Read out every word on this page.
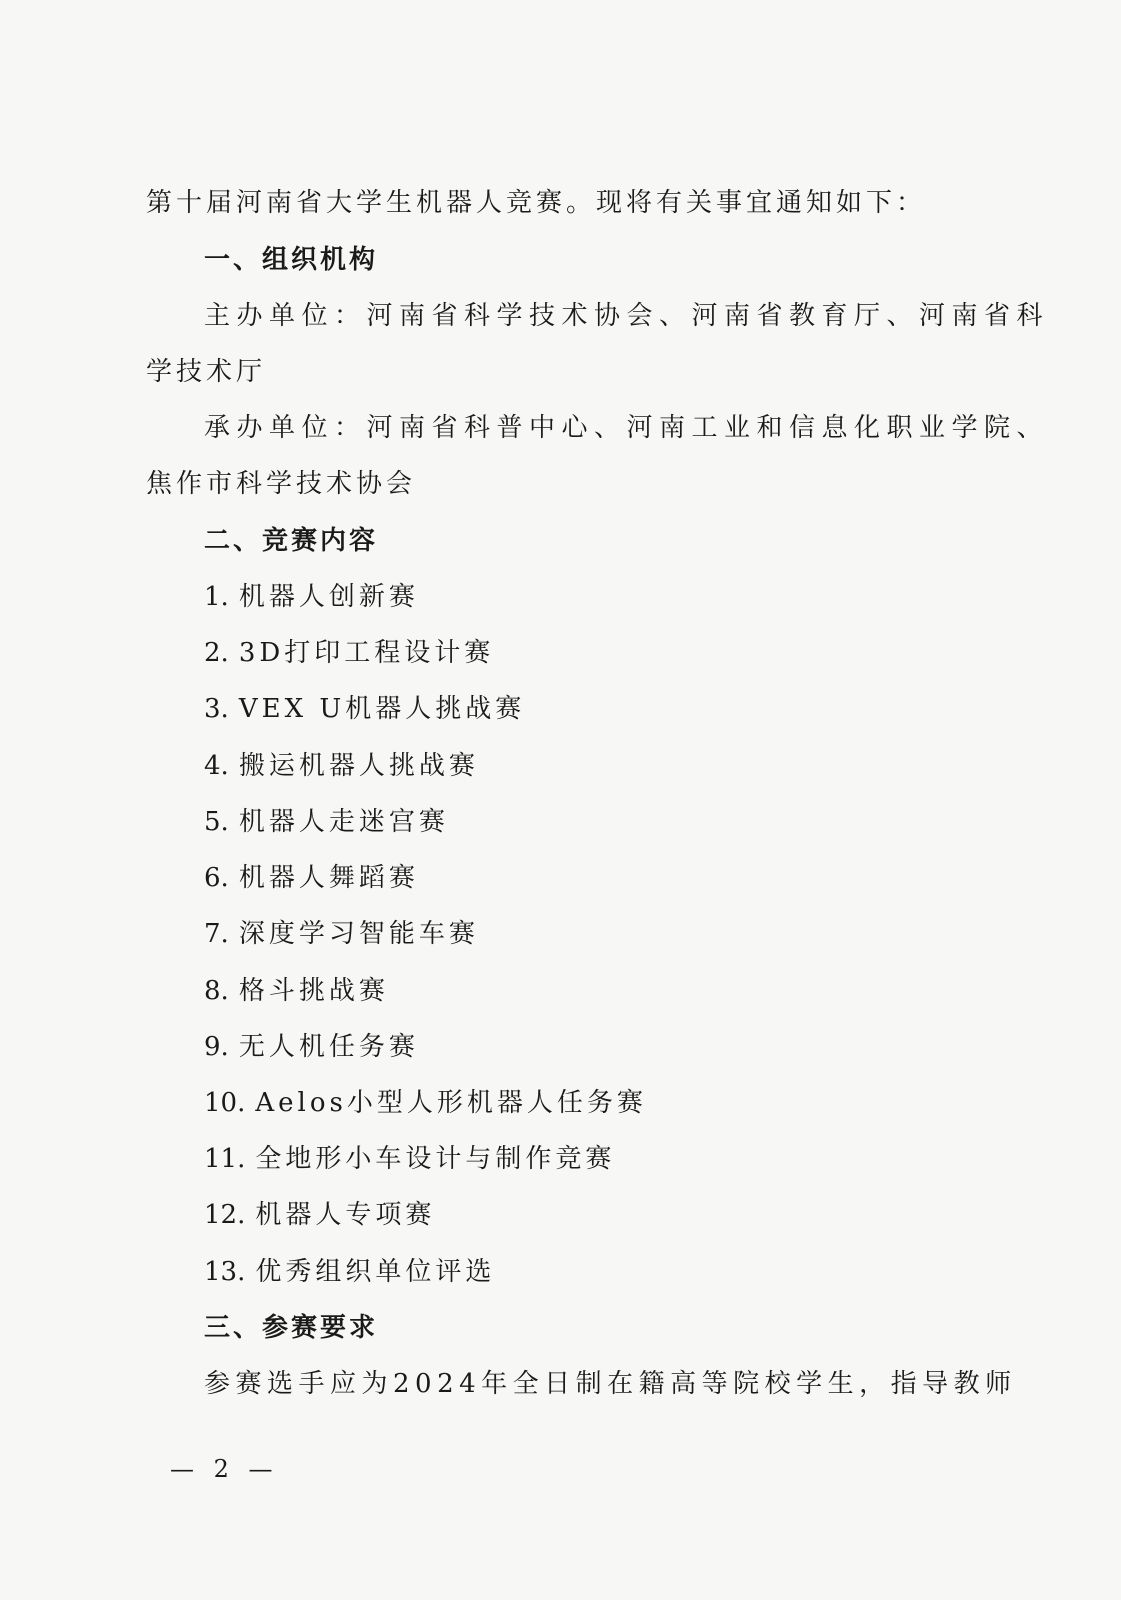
第十届河南省大学生机器人竞赛。现将有关事宜通知如下：
一、组织机构
主办单位：河南省科学技术协会、河南省教育厅、河南省科
学技术厅
承办单位：河南省科普中心、河南工业和信息化职业学院、
焦作市科学技术协会
二、竞赛内容
1. 机器人创新赛
2. 3D打印工程设计赛
3. VEX U机器人挑战赛
4. 搬运机器人挑战赛
5. 机器人走迷宫赛
6. 机器人舞蹈赛
7. 深度学习智能车赛
8. 格斗挑战赛
9. 无人机任务赛
10. Aelos小型人形机器人任务赛
11. 全地形小车设计与制作竞赛
12. 机器人专项赛
13. 优秀组织单位评选
三、参赛要求
参赛选手应为2024年全日制在籍高等院校学生，指导教师
— 2 —
